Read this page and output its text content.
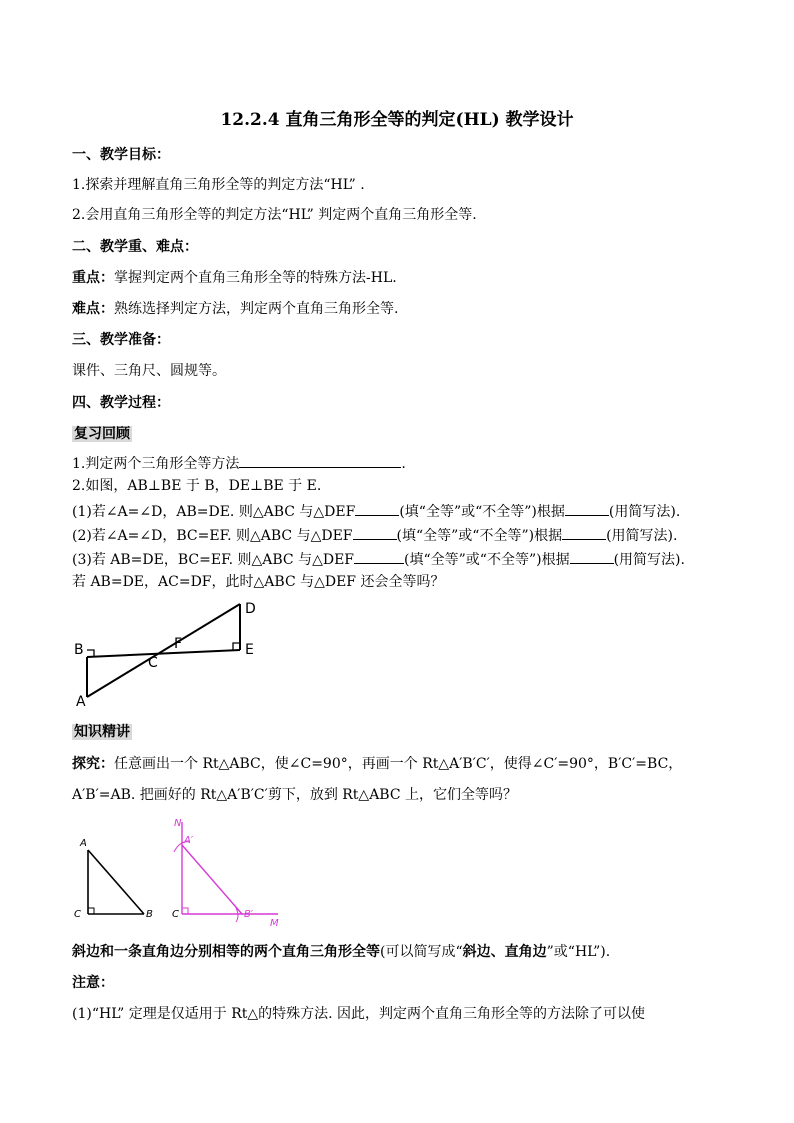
12.2.4 直角三角形全等的判定(HL) 教学设计
一、教学目标：
1.探索并理解直角三角形全等的判定方法“HL” .
2.会用直角三角形全等的判定方法“HL” 判定两个直角三角形全等.
二、教学重、难点：
重点：掌握判定两个直角三角形全等的特殊方法-HL.
难点：熟练选择判定方法，判定两个直角三角形全等.
三、教学准备：
课件、三角尺、圆规等。
四、教学过程：
复习回顾
1.判定两个三角形全等方法	.
2.如图，AB⊥BE 于 B，DE⊥BE 于 E.
(1)若∠A=∠D，AB=DE. 则△ABC 与△DEF	(填“全等”或“不全等”)根据	(用简写法).
(2)若∠A=∠D，BC=EF. 则△ABC 与△DEF	(填“全等”或“不全等”)根据	(用简写法).
(3)若 AB=DE，BC=EF. 则△ABC 与△DEF	(填“全等”或“不全等”)根据	(用简写法).
若 AB=DE，AC=DF，此时△ABC 与△DEF 还会全等吗？
B
C
F
D
E
A
知识精讲
探究：任意画出一个 Rt△ABC，使∠C=90°，再画一个 Rt△A′B′C′，使得∠C′=90°，B′C′=BC，
A′B′=AB. 把画好的 Rt△A′B′C′剪下，放到 Rt△ABC 上，它们全等吗？
A
C	B
N
A′
C	B′
M
斜边和一条直角边分别相等的两个直角三角形全等(可以简写成“斜边、直角边”或“HL”).
注意：
(1)“HL” 定理是仅适用于 Rt△的特殊方法. 因此，判定两个直角三角形全等的方法除了可以使
